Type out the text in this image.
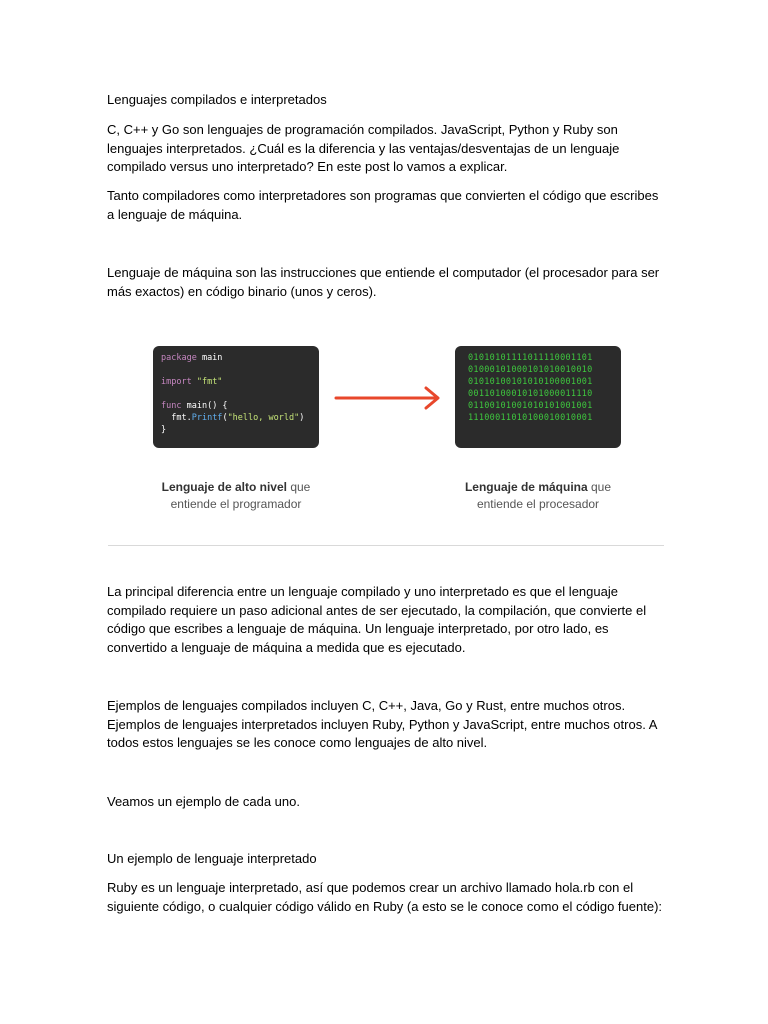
Lenguajes compilados e interpretados

C, C++ y Go son lenguajes de programación compilados. JavaScript, Python y Ruby son lenguajes interpretados. ¿Cuál es la diferencia y las ventajas/desventajas de un lenguaje compilado versus uno interpretado? En este post lo vamos a explicar.

Tanto compiladores como interpretadores son programas que convierten el código que escribes a lenguaje de máquina.

Lenguaje de máquina son las instrucciones que entiende el computador (el procesador para ser más exactos) en código binario (unos y ceros).

package main
import "fmt"
func main() {
fmt.Printf("hello, world")
}
01010101111011110001101
01000101000101010010010
01010100101010100001001
00110100010101000011110
01100101001010101001001
11100011010100010010001
Lenguaje de alto nivel que
entiende el programador
Lenguaje de máquina que
entiende el procesador

La principal diferencia entre un lenguaje compilado y uno interpretado es que el lenguaje compilado requiere un paso adicional antes de ser ejecutado, la compilación, que convierte el código que escribes a lenguaje de máquina. Un lenguaje interpretado, por otro lado, es convertido a lenguaje de máquina a medida que es ejecutado.

Ejemplos de lenguajes compilados incluyen C, C++, Java, Go y Rust, entre muchos otros. Ejemplos de lenguajes interpretados incluyen Ruby, Python y JavaScript, entre muchos otros. A todos estos lenguajes se les conoce como lenguajes de alto nivel.

Veamos un ejemplo de cada uno.

Un ejemplo de lenguaje interpretado

Ruby es un lenguaje interpretado, así que podemos crear un archivo llamado hola.rb con el siguiente código, o cualquier código válido en Ruby (a esto se le conoce como el código fuente):
